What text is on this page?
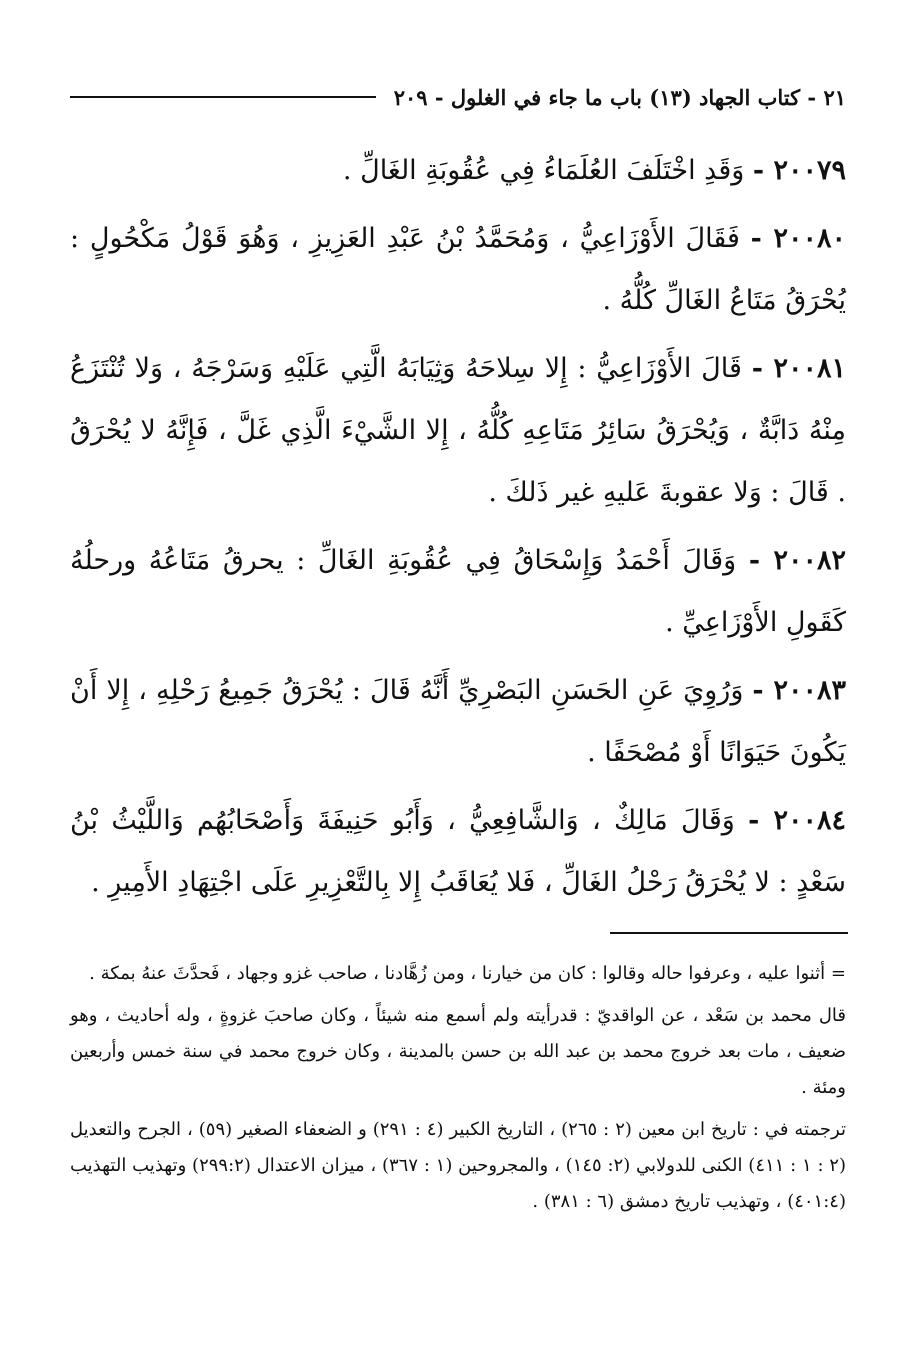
٢١ - كتاب الجهاد (١٣) باب ما جاء في الغلول - ٢٠٩

٢٠٠٧٩ - وَقَدِ اخْتَلَفَ العُلَمَاءُ فِي عُقُوبَةِ الغَالِّ .

٢٠٠٨٠ - فَقَالَ الأَوْزَاعِيُّ ، وَمُحَمَّدُ بْنُ عَبْدِ العَزِيزِ ، وَهُوَ قَوْلُ مَكْحُولٍ : يُحْرَقُ مَتَاعُ الغَالِّ كُلُّهُ .

٢٠٠٨١ - قَالَ الأَوْزَاعِيُّ : إِلا سِلاحَهُ وَثِيَابَهُ الَّتِي عَلَيْهِ وَسَرْجَهُ ، وَلا تُنْتَزَعُ مِنْهُ دَابَّةٌ ، وَيُحْرَقُ سَائِرُ مَتَاعِهِ كُلُّهُ ، إِلا الشَّيْءَ الَّذِي غَلَّ ، فَإِنَّهُ لا يُحْرَقُ . قَالَ : وَلا عقوبةَ عَليهِ غير ذَلكَ .

٢٠٠٨٢ - وَقَالَ أَحْمَدُ وَإِسْحَاقُ فِي عُقُوبَةِ الغَالِّ : يحرقُ مَتَاعُهُ ورحلُهُ كَقَولِ الأَوْزَاعِيِّ .

٢٠٠٨٣ - وَرُوِيَ عَنِ الحَسَنِ البَصْرِيِّ أَنَّهُ قَالَ : يُحْرَقُ جَمِيعُ رَحْلِهِ ، إِلا أَنْ يَكُونَ حَيَوَانًا أَوْ مُصْحَفًا .

٢٠٠٨٤ - وَقَالَ مَالِكٌ ، وَالشَّافِعِيُّ ، وَأَبُو حَنِيفَةَ وَأَصْحَابُهُم وَاللَّيْثُ بْنُ سَعْدٍ : لا يُحْرَقُ رَحْلُ الغَالِّ ، فَلا يُعَاقَبُ إِلا بِالتَّعْزِيرِ عَلَى اجْتِهَادِ الأَمِيرِ .

= أثنوا عليه ، وعرفوا حاله وقالوا : كان من خيارنا ، ومن زُهَّادنا ، صاحب غزو وجهاد ، فَحدَّثَ عنهُ بمكة .

قال محمد بن سَعْد ، عن الواقديّ : قدرأيته ولم أسمع منه شيئاً ، وكان صاحبَ غزوةٍ ، وله أحاديث ، وهو ضعيف ، مات بعد خروج محمد بن عبد الله بن حسن بالمدينة ، وكان خروج محمد في سنة خمس وأربعين ومئة .

ترجمته في : تاريخ ابن معين (٢ : ٢٦٥) ، التاريخ الكبير (٤ : ٢٩١) و الضعفاء الصغير (٥٩) ، الجرح والتعديل (٢ : ١ : ٤١١) الكنى للدولابي (٢: ١٤٥) ، والمجروحين (١ : ٣٦٧) ، ميزان الاعتدال (٢٩٩:٢) وتهذيب التهذيب (٤٠١:٤) ، وتهذيب تاريخ دمشق (٦ : ٣٨١) .
